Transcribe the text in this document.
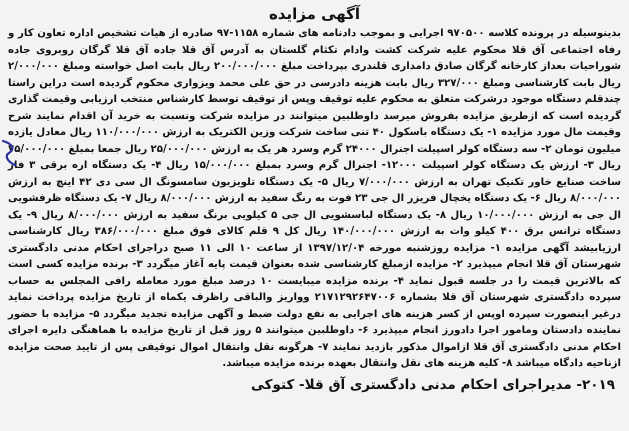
آگهی مزایده

بدینوسیله در پرونده کلاسه ۹۷۰۵۰۰ اجرایی و بموجب دادنامه های شماره ۱۱۵۸-۹۷ صادره از هیات تشخیص اداره تعاون کار و رفاه اجتماعی آق قلا محکوم علیه شرکت کشت وادام تکثام گلستان به آدرس آق قلا جاده آق قلا گرگان روبروی جاده شوراحیات بعداز کارخانه گرگان صادق دامداری قلندری بپرداخت مبلغ ۲۰۰/۰۰۰/۰۰۰ ریال بابت اصل خواسته ومبلغ ۲/۰۰۰/۰۰۰ ریال بابت کارشناسی ومبلغ ۳۲۷/۰۰۰ ریال بابت هزینه دادرسی در حق علی محمد ویزواری محکوم گردیده است دراین راستا چندقلم دستگاه موجود درشرکت متعلق به محکوم علیه توقیف وپس از توقیف توسط کارشناس منتخب ارزیابی وقیمت گذاری گردیده است که ازطریق مزایده بفروش میرسد داوطلبین میتوانند در مزایده شرکت ونسبت به خرید آن اقدام نمایند شرح وقیمت مال مورد مزایده ۱- یک دستگاه باسکول ۴۰ تنی ساخت شرکت وزین الکتریک به ارزش ۱۱۰/۰۰۰/۰۰۰ ریال معادل یازده میلیون تومان ۲- سه دستگاه کولر اسپیلت اجنرال ۲۴۰۰۰ گرم وسرد هر یک به ارزش ۲۵/۰۰۰/۰۰۰ ریال جمعا بمبلغ ۷۵/۰۰۰/۰۰۰ ریال ۳- ارزش یک دستگاه کولر اسپیلت ۱۲۰۰۰- اجنرال گرم وسرد بمبلغ ۱۵/۰۰۰/۰۰۰ ریال ۴- یک دستگاه اره برقی ۳ فاز ساخت صنایع خاور تکنیک تهران به ارزش ۷/۰۰۰/۰۰۰ ریال ۵- یک دستگاه تلویزیون سامسونگ ال سی دی ۴۲ اینچ به ارزش ۸/۰۰۰/۰۰۰ ریال ۶- یک دستگاه یخچال فریزر ال جی ۲۳ فوت به رنگ سفید به ارزش ۸/۰۰۰/۰۰۰ ریال ۷- یک دستگاه ظرفشویی ال جی به ارزش ۱۰/۰۰۰/۰۰۰ ریال ۸- یک دستگاه لباسشویی ال جی ۵ کیلویی برنگ سفید به ارزش ۸/۰۰۰/۰۰۰ ریال ۹- یک دستگاه ترانس برق ۴۰۰ کیلو وات به ارزش ۱۴۰/۰۰۰/۰۰۰ ریال کل ۹ قلم کالای فوق مبلغ ۳۸۶/۰۰۰/۰۰۰ ریال کارشناسی ارزیابیشد آگهی مزایده ۱- مزایده روزشنبه مورخه ۱۳۹۷/۱۲/۰۴ از ساعت ۱۰ الی ۱۱ صبح دراجرای احکام مدنی دادگستری شهرستان آق قلا انجام میپذیرد ۲- مزایده ازمبلغ کارشناسی شده بعنوان قیمت پایه آغاز میگردد ۳- برنده مزایده کسی است که بالاترین قیمت را در جلسه قبول نماید ۴- برنده مزایده میبایست ۱۰ درصد مبلغ مورد معامله رافی المجلس به حساب سپرده دادگستری شهرستان آق قلا بشماره ۲۱۷۱۲۹۲۶۴۷۰۰۶ وواریز والباقی راظرف یکماه از تاریخ مزایده پرداخت نماید درغیر اینصورت سپرده اوپس از کسر هزینه های اجرایی به نفع دولت ضبط و آگهی مزایده تجدید میگردد ۵- مزایده با حضور نماینده دادستان ومامور اجرا دادورز انجام میپذیرد ۶- داوطلبین میتوانند ۵ روز قبل از تاریخ مزایده با هماهنگی دایره اجرای احکام مدنی دادگستری آق قلا ازاموال مذکور بازدید نمایند ۷- هرگونه نقل وانتقال اموال توقیفی پس از تایید صحت مزایده ازناحیه دادگاه میباشد ۸- کلیه هزینه های نقل وانتقال بعهده برنده مزایده میباشد.

۲۰۱۹- مدیراجرای احکام مدنی دادگستری آق قلا- کتوکی
